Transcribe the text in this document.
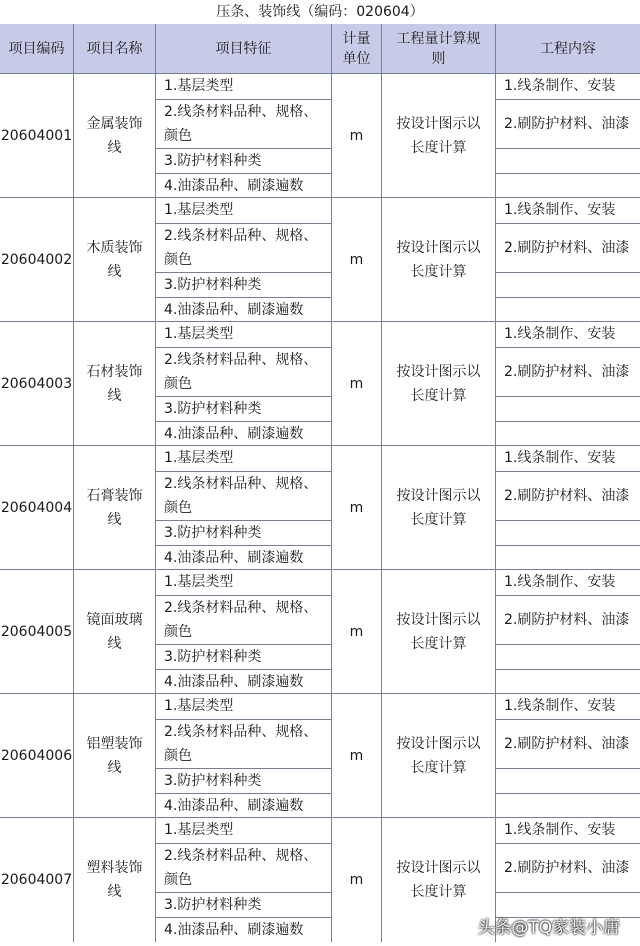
压条、装饰线（编码：020604）
项目编码	项目名称	项目特征
计量
单位
工程量计算规
则
工程内容
20604001
金属装饰
线
1.基层类型
2.线条材料品种、规格、
颜色
3.防护材料种类
4.油漆品种、刷漆遍数
m
按设计图示以
长度计算
1.线条制作、安装
2.刷防护材料、油漆
20604002
木质装饰
线
1.基层类型
2.线条材料品种、规格、
颜色
3.防护材料种类
4.油漆品种、刷漆遍数
m
按设计图示以
长度计算
1.线条制作、安装
2.刷防护材料、油漆
20604003
石材装饰
线
1.基层类型
2.线条材料品种、规格、
颜色
3.防护材料种类
4.油漆品种、刷漆遍数
m
按设计图示以
长度计算
1.线条制作、安装
2.刷防护材料、油漆
20604004
石膏装饰
线
1.基层类型
2.线条材料品种、规格、
颜色
3.防护材料种类
4.油漆品种、刷漆遍数
m
按设计图示以
长度计算
1.线条制作、安装
2.刷防护材料、油漆
20604005
镜面玻璃
线
1.基层类型
2.线条材料品种、规格、
颜色
3.防护材料种类
4.油漆品种、刷漆遍数
m
按设计图示以
长度计算
1.线条制作、安装
2.刷防护材料、油漆
20604006
铝塑装饰
线
1.基层类型
2.线条材料品种、规格、
颜色
3.防护材料种类
4.油漆品种、刷漆遍数
m
按设计图示以
长度计算
1.线条制作、安装
2.刷防护材料、油漆
20604007
塑料装饰
线
1.基层类型
2.线条材料品种、规格、
颜色
3.防护材料种类
4.油漆品种、刷漆遍数
m
按设计图示以
长度计算
1.线条制作、安装
2.刷防护材料、油漆
头条@TQ家装小唐
